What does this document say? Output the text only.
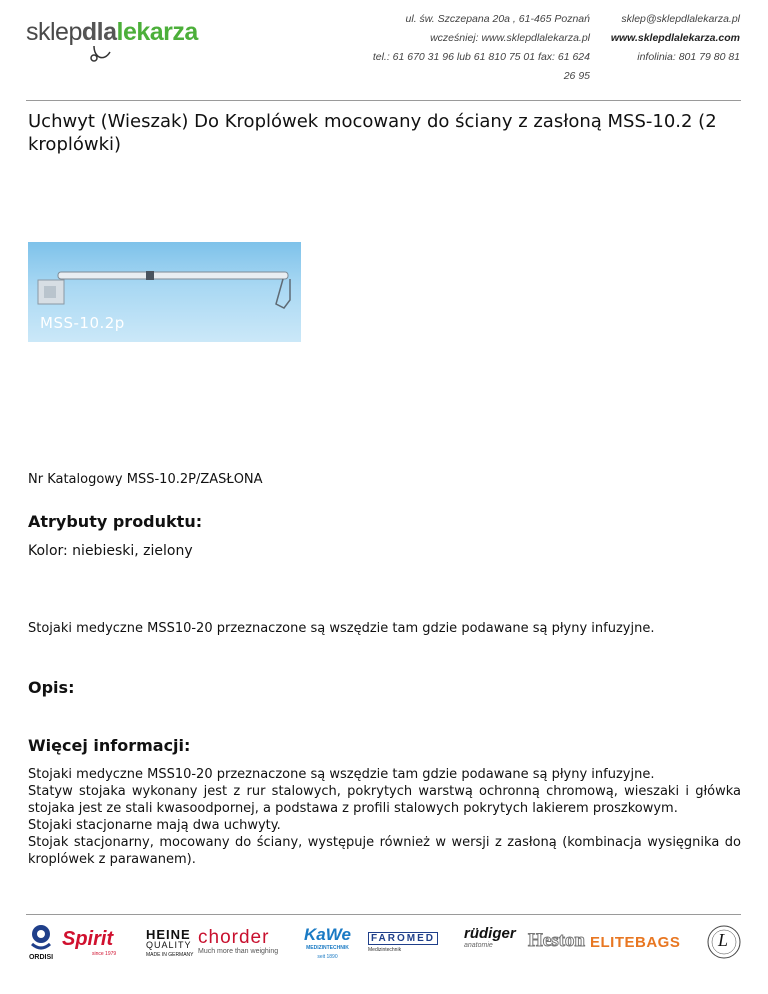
sklepdlalekarza	ul. św. Szczepana 20a , 61-465 Poznań
wcześniej: www.sklepdlalekarza.pl
tel.: 61 670 31 96 lub 61 810 75 01 fax: 61 624 26 95
sklep@sklepdlalekarza.pl
www.sklepdlalekarza.com
infolinia: 801 79 80 81
Uchwyt (Wieszak) Do Kroplówek mocowany do ściany z zasłoną MSS-10.2 (2 kroplówki)
MSS-10.2p
Nr Katalogowy MSS-10.2P/ZASŁONA
Atrybuty produktu:
Kolor: niebieski, zielony
Stojaki medyczne MSS10-20 przeznaczone są wszędzie tam gdzie podawane są płyny infuzyjne.
Opis:
Więcej informacji:

Stojaki medyczne MSS10-20 przeznaczone są wszędzie tam gdzie podawane są płyny infuzyjne.

Statyw stojaka wykonany jest z rur stalowych, pokrytych warstwą ochronną chromową, wieszaki i główka stojaka jest ze stali kwasoodpornej, a podstawa z profili stalowych pokrytych lakierem proszkowym.

Stojaki stacjonarne mają dwa uchwyty.

Stojak stacjonarny, mocowany do ściany, występuje również w wersji z zasłoną (kombinacja wysięgnika do kroplówek z parawanem).

ORDISI
Spirit
since 1979
HEINE
QUALITY
MADE IN GERMANY
chorder
Much more than weighing
KaWe
MEDIZINTECHNIK
seit 1890
FAROMED
Medizintechnik
rüdiger
anatomie	Heston ELITEBAGS L
